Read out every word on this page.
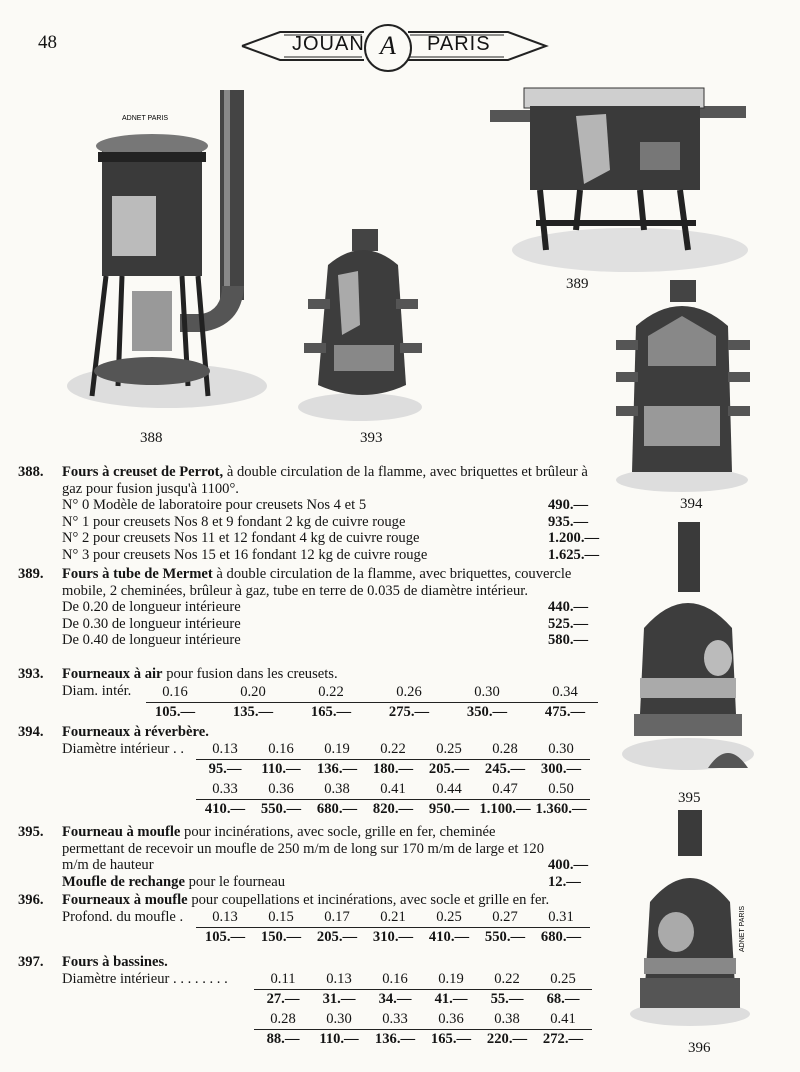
48	JOUAN A	PARIS
ADNET PARIS
388	393
389
394
395
ADNET PARIS
396
388.	Fours à creuset de Perrot, à double circulation de la flamme, avec briquettes et brûleur à gaz pour fusion jusqu'à 1100°.
N° 0 Modèle de laboratoire pour creusets Nos 4 et 5	490.—
N° 1 pour creusets Nos 8 et 9 fondant 2 kg de cuivre rouge	935.—
N° 2 pour creusets Nos 11 et 12 fondant 4 kg de cuivre rouge	1.200.—
N° 3 pour creusets Nos 15 et 16 fondant 12 kg de cuivre rouge	1.625.—
389.	Fours à tube de Mermet à double circulation de la flamme, avec briquettes, couvercle mobile, 2 cheminées, brûleur à gaz, tube en terre de 0.035 de diamètre intérieur.
De 0.20 de longueur intérieure	440.—
De 0.30 de longueur intérieure	525.—
De 0.40 de longueur intérieure	580.—
393.	Fourneaux à air pour fusion dans les creusets.
Diam. intér.	0.16	0.20	0.22	0.26	0.30	0.34
105.—	135.—	165.—	275.—	350.—	475.—
394.	Fourneaux à réverbère.
Diamètre intérieur . .	0.13	0.16	0.19	0.22	0.25	0.28	0.30
95.—	110.—	136.—	180.—	205.—	245.—	300.—
0.33	0.36	0.38	0.41	0.44	0.47	0.50
410.—	550.—	680.—	820.—	950.— 1.100.— 1.360.—
395.	Fourneau à moufle pour incinérations, avec socle, grille en fer, cheminée permettant de recevoir un moufle de 250 m/m de long sur 170 m/m de large et 120 m/m de hauteur	400.—
Moufle de rechange pour le fourneau	12.—
396.	Fourneaux à moufle pour coupellations et incinérations, avec socle et grille en fer.
Profond. du moufle .	0.13	0.15	0.17	0.21	0.25	0.27	0.31
105.—	150.—	205.—	310.—	410.—	550.—	680.—
397.	Fours à bassines.
Diamètre intérieur . . . . . . . .	0.11	0.13	0.16	0.19	0.22	0.25
27.—	31.—	34.—	41.—	55.—	68.—
0.28	0.30	0.33	0.36	0.38	0.41
88.—	110.—	136.—	165.—	220.—	272.—
